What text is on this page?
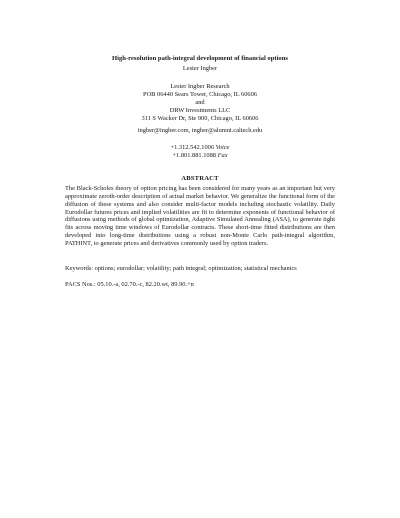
High-resolution path-integral development of financial options
Lester Ingber
Lester Ingber Research
POB 06440 Sears Tower, Chicago, IL 60606
and
DRW Investments LLC
311 S Wacker Dr, Ste 900, Chicago, IL 60606
ingber@ingber.com, ingber@alumni.caltech.edu
+1.312.542.1006 Voice
+1.801.881.1088 Fax
ABSTRACT
The Black-Scholes theory of option pricing has been considered for many years as an important but very approximate zeroth-order description of actual market behavior. We generalize the functional form of the diffusion of these systems and also consider multi-factor models including stochastic volatility. Daily Eurodollar futures prices and implied volatilities are fit to determine exponents of functional behavior of diffusions using methods of global optimization, Adaptive Simulated Annealing (ASA), to generate tight fits across moving time windows of Eurodollar contracts. These short-time fitted distributions are then developed into long-time distributions using a robust non-Monte Carlo path-integral algorithm, PATHINT, to generate prices and derivatives commonly used by option traders.
Keywords: options; eurodollar; volatility; path integral; optimization; statistical mechanics
PACS Nos.: 05.10.-a, 02.70.-c, 82.20.wt, 89.90.+n
